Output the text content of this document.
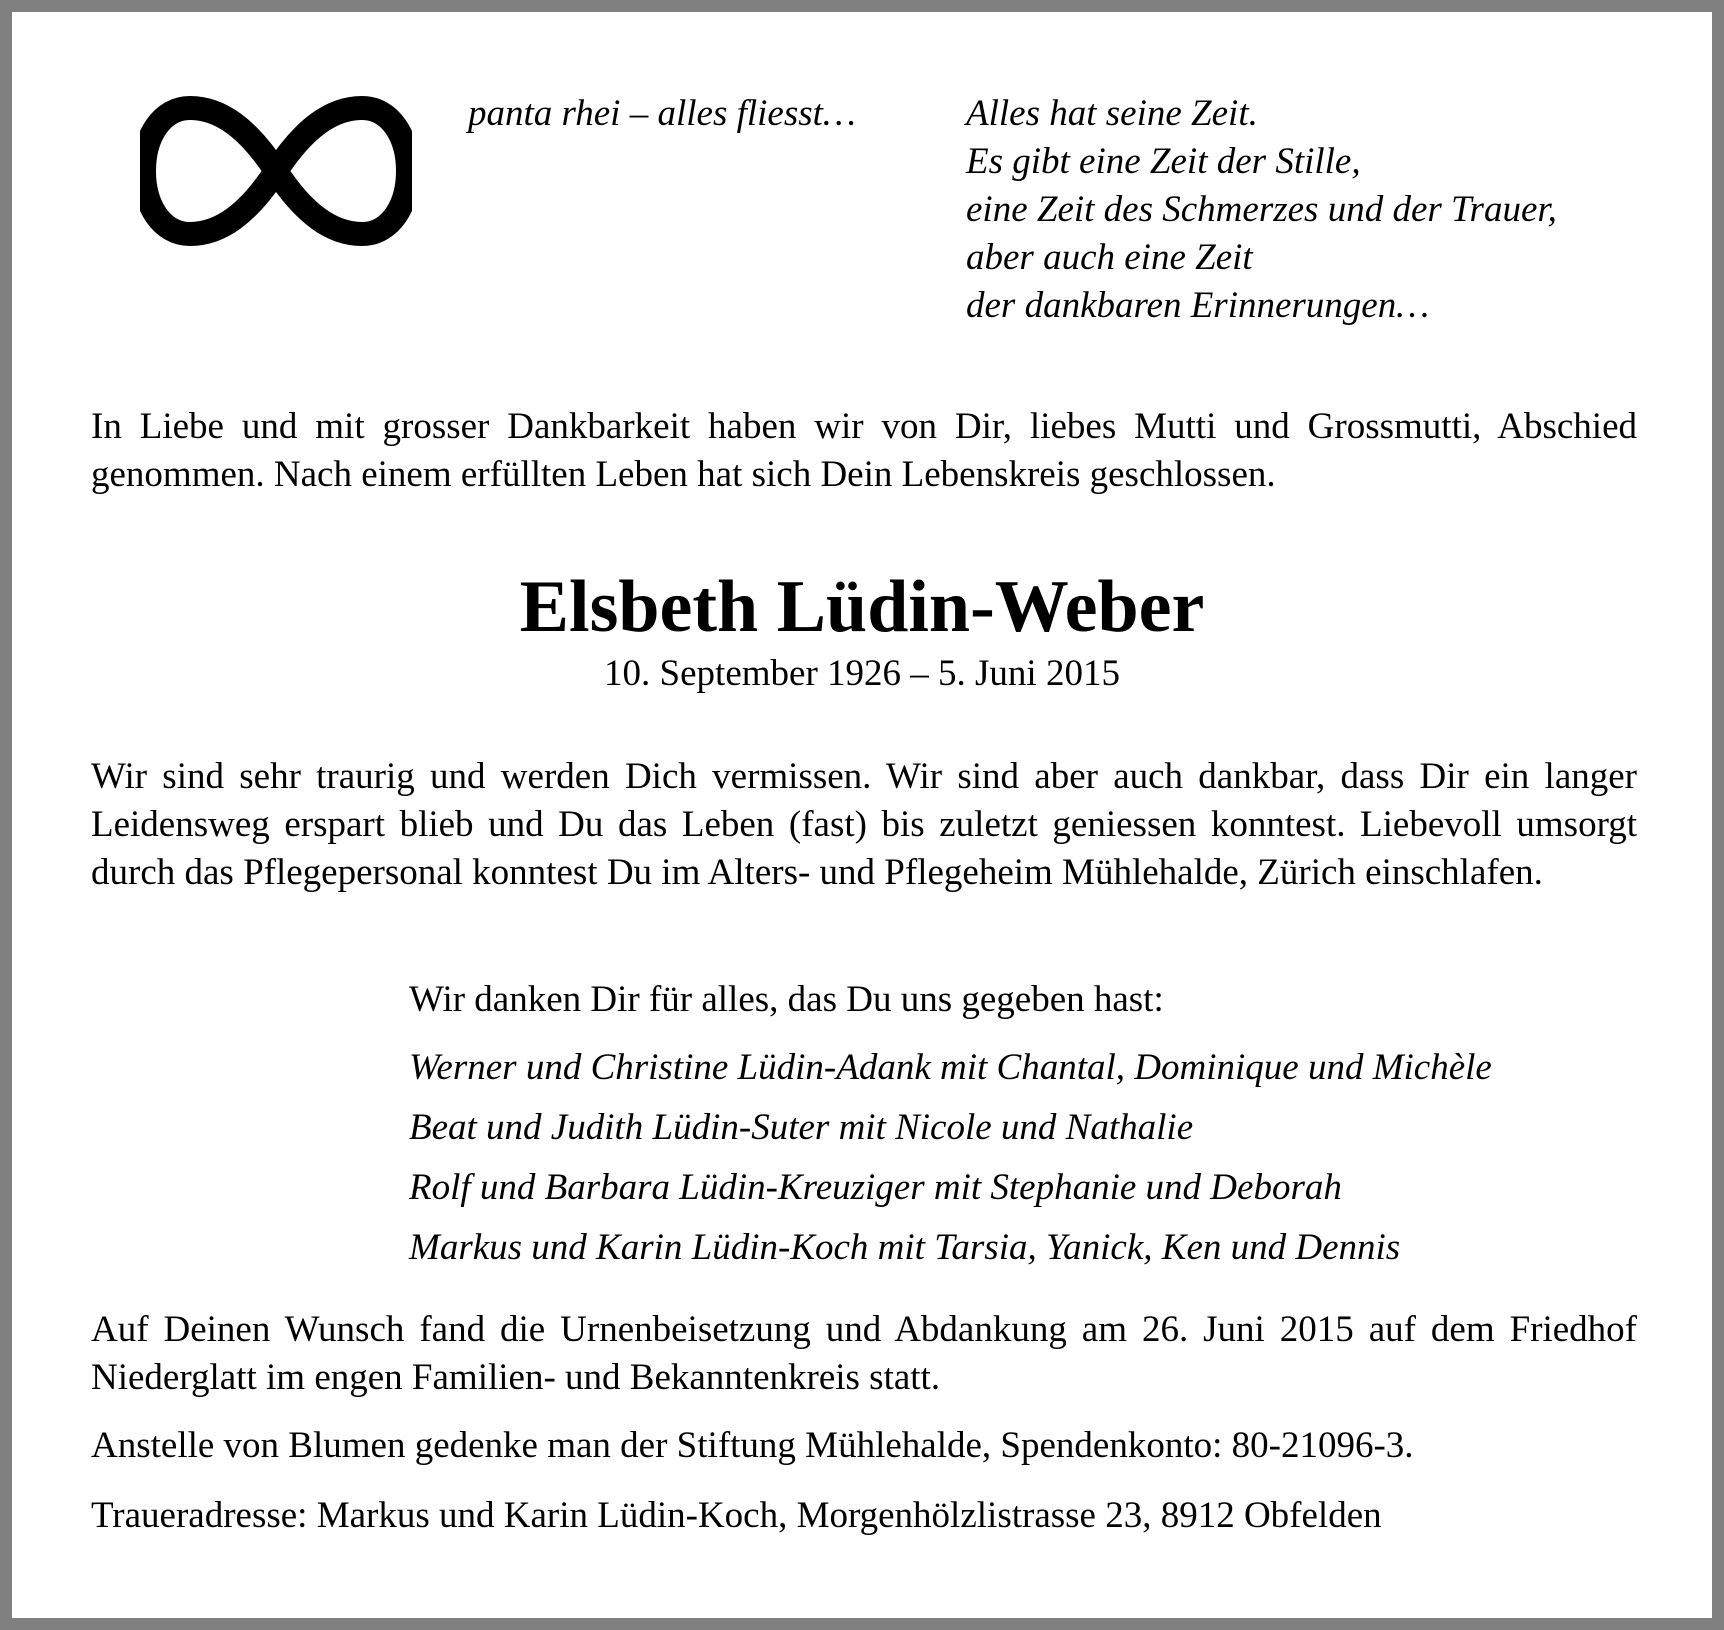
panta rhei – alles fliesst…	Alles hat seine Zeit.
Es gibt eine Zeit der Stille,
eine Zeit des Schmerzes und der Trauer,
aber auch eine Zeit
der dankbaren Erinnerungen…
In Liebe und mit grosser Dankbarkeit haben wir von Dir, liebes Mutti und Grossmutti, Abschied genommen. Nach einem erfüllten Leben hat sich Dein Lebenskreis geschlossen.
Elsbeth Lüdin-Weber
10. September 1926 – 5. Juni 2015
Wir sind sehr traurig und werden Dich vermissen. Wir sind aber auch dankbar, dass Dir ein langer Leidensweg erspart blieb und Du das Leben (fast) bis zuletzt geniessen konntest. Liebevoll umsorgt durch das Pflegepersonal konntest Du im Alters- und Pflegeheim Mühlehalde, Zürich einschlafen.
Wir danken Dir für alles, das Du uns gegeben hast:
Werner und Christine Lüdin-Adank mit Chantal, Dominique und Michèle
Beat und Judith Lüdin-Suter mit Nicole und Nathalie
Rolf und Barbara Lüdin-Kreuziger mit Stephanie und Deborah
Markus und Karin Lüdin-Koch mit Tarsia, Yanick, Ken und Dennis
Auf Deinen Wunsch fand die Urnenbeisetzung und Abdankung am 26. Juni 2015 auf dem Friedhof Niederglatt im engen Familien- und Bekanntenkreis statt.
Anstelle von Blumen gedenke man der Stiftung Mühlehalde, Spendenkonto: 80-21096-3.
Traueradresse: Markus und Karin Lüdin-Koch, Morgenhölzlistrasse 23, 8912 Obfelden
